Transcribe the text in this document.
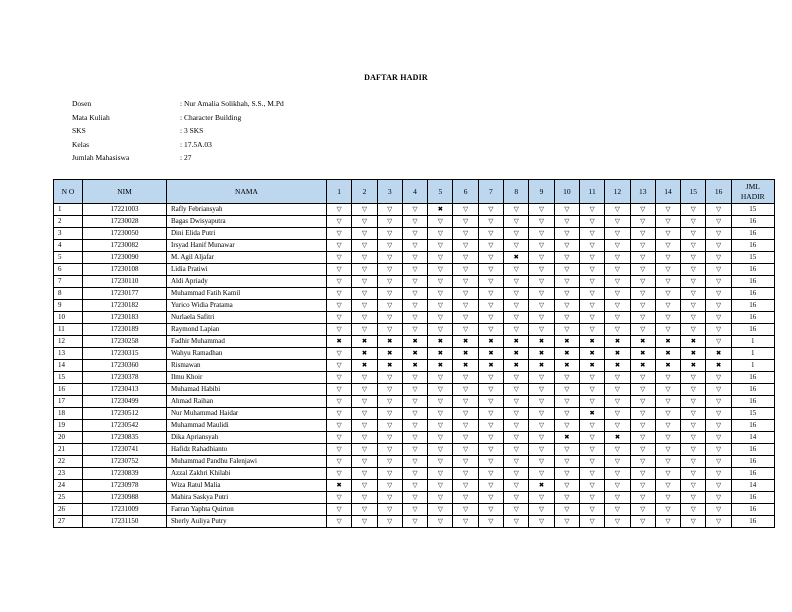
DAFTAR HADIR
Dosen	: Nur Amalia Solikhah, S.S., M.Pd
Mata Kuliah	: Character Building
SKS	: 3 SKS
Kelas	: 17.5A.03
Jumlah Mahasiswa	: 27
N O	NIM	NAMA	1	2	3	4	5	6	7	8	9	10	11	12	13	14	15	16	JML
HADIR

1	17221003	Rafly Febriansyah	▽	▽	▽	▽	✖	▽	▽	▽	▽	▽	▽	▽	▽	▽	▽	▽	15
2	17230028	Bagas Dwisyaputra	▽	▽	▽	▽	▽	▽	▽	▽	▽	▽	▽	▽	▽	▽	▽	▽	16
3	17230050	Dini Elida Putri	▽	▽	▽	▽	▽	▽	▽	▽	▽	▽	▽	▽	▽	▽	▽	▽	16
4	17230082	Irsyad Hanif Munawar	▽	▽	▽	▽	▽	▽	▽	▽	▽	▽	▽	▽	▽	▽	▽	▽	16
5	17230090	M. Agil Aljafar	▽	▽	▽	▽	▽	▽	▽	✖	▽	▽	▽	▽	▽	▽	▽	▽	15
6	17230108	Lidia Pratiwi	▽	▽	▽	▽	▽	▽	▽	▽	▽	▽	▽	▽	▽	▽	▽	▽	16
7	17230110	Aldi Apriady	▽	▽	▽	▽	▽	▽	▽	▽	▽	▽	▽	▽	▽	▽	▽	▽	16
8	17230177	Muhammad Fatih Kamil	▽	▽	▽	▽	▽	▽	▽	▽	▽	▽	▽	▽	▽	▽	▽	▽	16
9	17230182	Yurico Widia Pratama	▽	▽	▽	▽	▽	▽	▽	▽	▽	▽	▽	▽	▽	▽	▽	▽	16
10	17230183	Nurlaela Safitri	▽	▽	▽	▽	▽	▽	▽	▽	▽	▽	▽	▽	▽	▽	▽	▽	16
11	17230189	Raymond Lapian	▽	▽	▽	▽	▽	▽	▽	▽	▽	▽	▽	▽	▽	▽	▽	▽	16
12	17230258	Fadhir Muhammad	✖	✖	✖	✖	✖	✖	✖	✖	✖	✖	✖	✖	✖	✖	✖	▽	1
13	17230315	Wahyu Ramadhan	▽	✖	✖	✖	✖	✖	✖	✖	✖	✖	✖	✖	✖	✖	✖	✖	1
14	17230360	Rismawan	▽	✖	✖	✖	✖	✖	✖	✖	✖	✖	✖	✖	✖	✖	✖	✖	1
15	17230378	Ilmu Khoir	▽	▽	▽	▽	▽	▽	▽	▽	▽	▽	▽	▽	▽	▽	▽	▽	16
16	17230413	Muhamad Habibi	▽	▽	▽	▽	▽	▽	▽	▽	▽	▽	▽	▽	▽	▽	▽	▽	16
17	17230499	Ahmad Raihan	▽	▽	▽	▽	▽	▽	▽	▽	▽	▽	▽	▽	▽	▽	▽	▽	16
18	17230512	Nur Muhammad Haidar	▽	▽	▽	▽	▽	▽	▽	▽	▽	▽	✖	▽	▽	▽	▽	▽	15
19	17230542	Muhammad Maulidi	▽	▽	▽	▽	▽	▽	▽	▽	▽	▽	▽	▽	▽	▽	▽	▽	16
20	17230835	Dika Apriansyah	▽	▽	▽	▽	▽	▽	▽	▽	▽	✖	▽	✖	▽	▽	▽	▽	14
21	17230741	Hafidz Rahadhianto	▽	▽	▽	▽	▽	▽	▽	▽	▽	▽	▽	▽	▽	▽	▽	▽	16
22	17230752	Muhammad Pandhu Falenjawi	▽	▽	▽	▽	▽	▽	▽	▽	▽	▽	▽	▽	▽	▽	▽	▽	16
23	17230839	Azzal Zakhri Khilabi	▽	▽	▽	▽	▽	▽	▽	▽	▽	▽	▽	▽	▽	▽	▽	▽	16
24	17230978	Wiza Ratul Malia	✖	▽	▽	▽	▽	▽	▽	▽	✖	▽	▽	▽	▽	▽	▽	▽	14
25	17230988	Mahira Saskya Putri	▽	▽	▽	▽	▽	▽	▽	▽	▽	▽	▽	▽	▽	▽	▽	▽	16
26	17231009	Farran Yaphta Quirton	▽	▽	▽	▽	▽	▽	▽	▽	▽	▽	▽	▽	▽	▽	▽	▽	16
27	17231150	Sherly Auliya Putry	▽	▽	▽	▽	▽	▽	▽	▽	▽	▽	▽	▽	▽	▽	▽	▽	16
